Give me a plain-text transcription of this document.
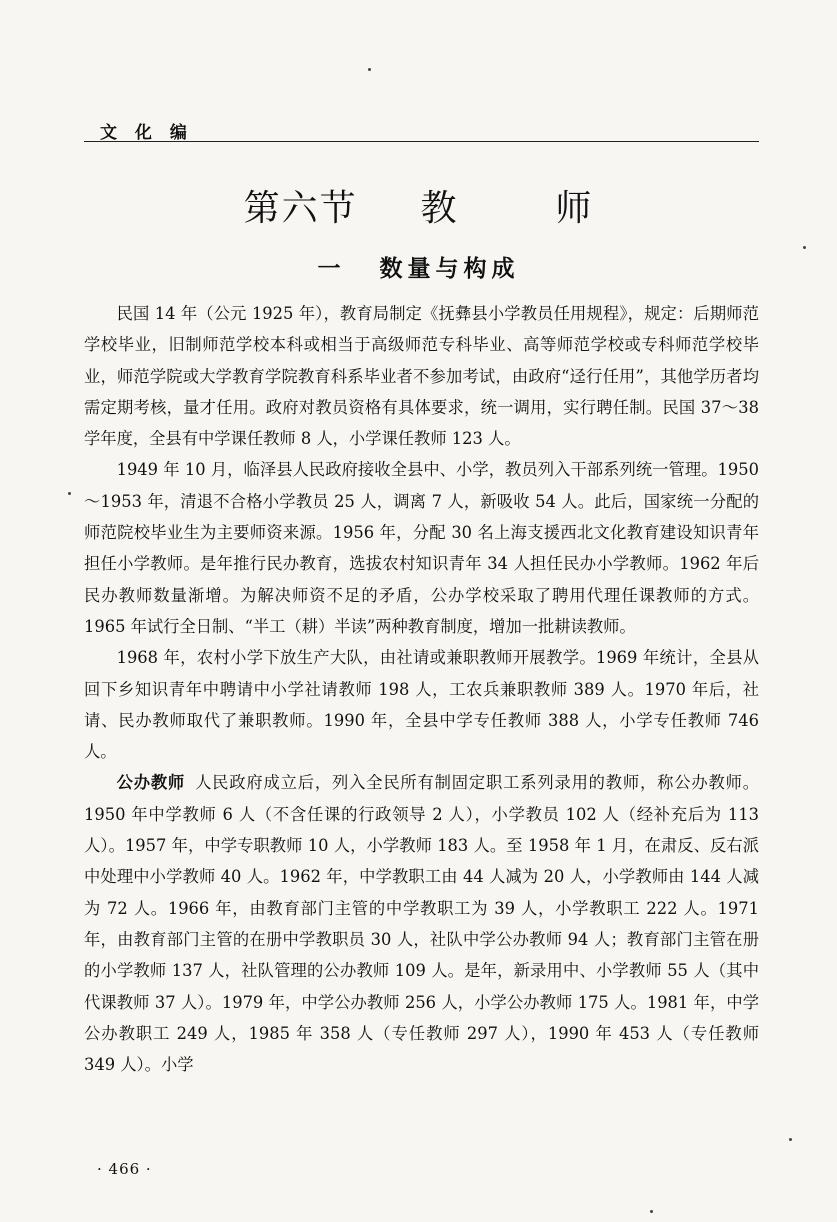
文 化 编
第六节 教	师
一 数量与构成

民国 14 年（公元 1925 年），教育局制定《抚彝县小学教员任用规程》，规定：后期师范学校毕业，旧制师范学校本科或相当于高级师范专科毕业、高等师范学校或专科师范学校毕业，师范学院或大学教育学院教育科系毕业者不参加考试，由政府“迳行任用”，其他学历者均需定期考核，量才任用。政府对教员资格有具体要求，统一调用，实行聘任制。民国 37～38 学年度，全县有中学课任教师 8 人，小学课任教师 123 人。

1949 年 10 月，临泽县人民政府接收全县中、小学，教员列入干部系列统一管理。1950～1953 年，清退不合格小学教员 25 人，调离 7 人，新吸收 54 人。此后，国家统一分配的师范院校毕业生为主要师资来源。1956 年，分配 30 名上海支援西北文化教育建设知识青年担任小学教师。是年推行民办教育，选拔农村知识青年 34 人担任民办小学教师。1962 年后民办教师数量渐增。为解决师资不足的矛盾，公办学校采取了聘用代理任课教师的方式。1965 年试行全日制、“半工（耕）半读”两种教育制度，增加一批耕读教师。

1968 年，农村小学下放生产大队，由社请或兼职教师开展教学。1969 年统计，全县从回下乡知识青年中聘请中小学社请教师 198 人，工农兵兼职教师 389 人。1970 年后，社请、民办教师取代了兼职教师。1990 年，全县中学专任教师 388 人，小学专任教师 746 人。

公办教师 人民政府成立后，列入全民所有制固定职工系列录用的教师，称公办教师。1950 年中学教师 6 人（不含任课的行政领导 2 人），小学教员 102 人（经补充后为 113 人）。1957 年，中学专职教师 10 人，小学教师 183 人。至 1958 年 1 月，在肃反、反右派中处理中小学教师 40 人。1962 年，中学教职工由 44 人减为 20 人，小学教师由 144 人减为 72 人。1966 年，由教育部门主管的中学教职工为 39 人，小学教职工 222 人。1971 年，由教育部门主管的在册中学教职员 30 人，社队中学公办教师 94 人；教育部门主管在册的小学教师 137 人，社队管理的公办教师 109 人。是年，新录用中、小学教师 55 人（其中代课教师 37 人）。1979 年，中学公办教师 256 人，小学公办教师 175 人。1981 年，中学公办教职工 249 人，1985 年 358 人（专任教师 297 人），1990 年 453 人（专任教师 349 人）。小学

· 466 ·
